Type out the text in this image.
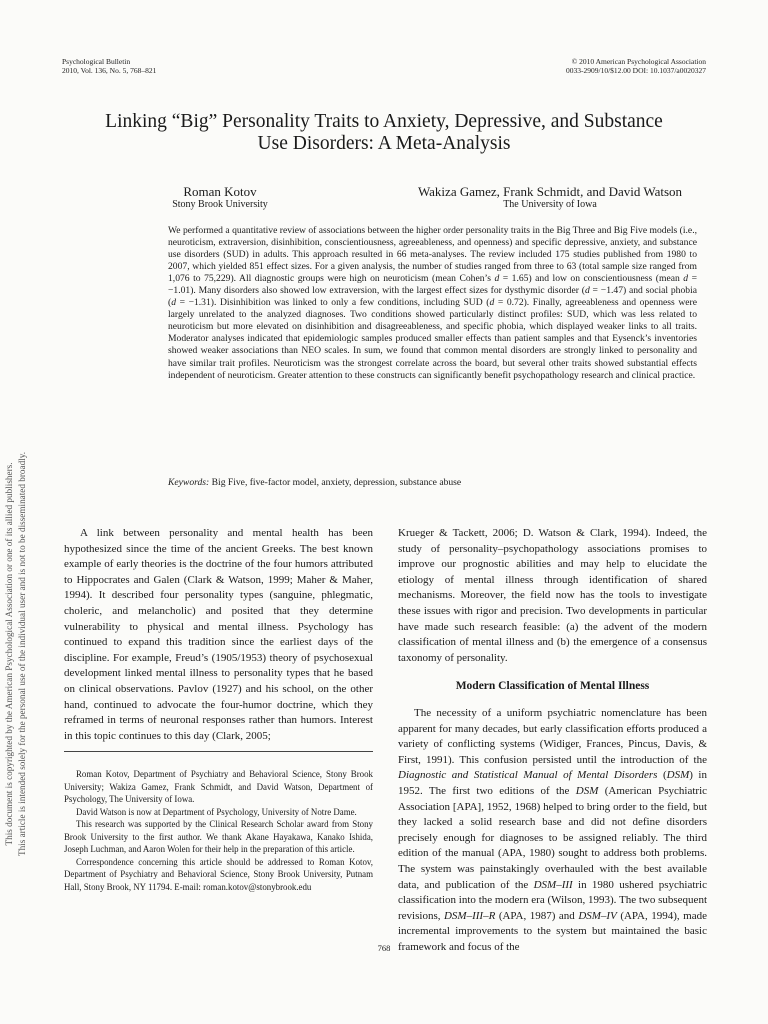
Psychological Bulletin
2010, Vol. 136, No. 5, 768–821
© 2010 American Psychological Association
0033-2909/10/$12.00 DOI: 10.1037/a0020327
Linking “Big” Personality Traits to Anxiety, Depressive, and Substance
Use Disorders: A Meta-Analysis
Roman Kotov
Stony Brook University
Wakiza Gamez, Frank Schmidt, and David Watson
The University of Iowa

We performed a quantitative review of associations between the higher order personality traits in the Big Three and Big Five models (i.e., neuroticism, extraversion, disinhibition, conscientiousness, agreeableness, and openness) and specific depressive, anxiety, and substance use disorders (SUD) in adults. This approach resulted in 66 meta-analyses. The review included 175 studies published from 1980 to 2007, which yielded 851 effect sizes. For a given analysis, the number of studies ranged from three to 63 (total sample size ranged from 1,076 to 75,229). All diagnostic groups were high on neuroticism (mean Cohen’s d = 1.65) and low on conscientiousness (mean d = −1.01). Many disorders also showed low extraversion, with the largest effect sizes for dysthymic disorder (d = −1.47) and social phobia (d = −1.31). Disinhibition was linked to only a few conditions, including SUD (d = 0.72). Finally, agreeableness and openness were largely unrelated to the analyzed diagnoses. Two conditions showed particularly distinct profiles: SUD, which was less related to neuroticism but more elevated on disinhibition and disagreeableness, and specific phobia, which displayed weaker links to all traits. Moderator analyses indicated that epidemiologic samples produced smaller effects than patient samples and that Eysenck’s inventories showed weaker associations than NEO scales. In sum, we found that common mental disorders are strongly linked to personality and have similar trait profiles. Neuroticism was the strongest correlate across the board, but several other traits showed substantial effects independent of neuroticism. Greater attention to these constructs can significantly benefit psychopathology research and clinical practice.

Keywords: Big Five, five-factor model, anxiety, depression, substance abuse

This document is copyrighted by the American Psychological Association or one of its allied publishers. This article is intended solely for the personal use of the individual user and is not to be disseminated broadly.	A link between personality and mental health has been hypothesized since the time of the ancient Greeks. The best known example of early theories is the doctrine of the four humors attributed to Hippocrates and Galen (Clark & Watson, 1999; Maher & Maher, 1994). It described four personality types (sanguine, phlegmatic, choleric, and melancholic) and posited that they determine vulnerability to physical and mental illness. Psychology has continued to expand this tradition since the earliest days of the discipline. For example, Freud’s (1905/1953) theory of psychosexual development linked mental illness to personality types that he based on clinical observations. Pavlov (1927) and his school, on the other hand, continued to advocate the four-humor doctrine, which they reframed in terms of neuronal responses rather than humors. Interest in this topic continues to this day (Clark, 2005;

Krueger & Tackett, 2006; D. Watson & Clark, 1994). Indeed, the study of personality–psychopathology associations promises to improve our prognostic abilities and may help to elucidate the etiology of mental illness through identification of shared mechanisms. Moreover, the field now has the tools to investigate these issues with rigor and precision. Two developments in particular have made such research feasible: (a) the advent of the modern classification of mental illness and (b) the emergence of a consensus taxonomy of personality.

Modern Classification of Mental Illness

The necessity of a uniform psychiatric nomenclature has been apparent for many decades, but early classification efforts produced a variety of conflicting systems (Widiger, Frances, Pincus, Davis, & First, 1991). This confusion persisted until the introduction of the Diagnostic and Statistical Manual of Mental Disorders (DSM) in 1952. The first two editions of the DSM (American Psychiatric Association [APA], 1952, 1968) helped to bring order to the field, but they lacked a solid research base and did not define disorders precisely enough for diagnoses to be assigned reliably. The third edition of the manual (APA, 1980) sought to address both problems. The system was painstakingly overhauled with the best available data, and publication of the DSM–III in 1980 ushered psychiatric classification into the modern era (Wilson, 1993). The two subsequent revisions, DSM–III–R (APA, 1987) and DSM–IV (APA, 1994), made incremental improvements to the system but maintained the basic framework and focus of the

Roman Kotov, Department of Psychiatry and Behavioral Science, Stony Brook University; Wakiza Gamez, Frank Schmidt, and David Watson, Department of Psychology, The University of Iowa.

David Watson is now at Department of Psychology, University of Notre Dame.

This research was supported by the Clinical Research Scholar award from Stony Brook University to the first author. We thank Akane Hayakawa, Kanako Ishida, Joseph Luchman, and Aaron Wolen for their help in the preparation of this article.

Correspondence concerning this article should be addressed to Roman Kotov, Department of Psychiatry and Behavioral Science, Stony Brook University, Putnam Hall, Stony Brook, NY 11794. E-mail: roman.kotov@stonybrook.edu

768
